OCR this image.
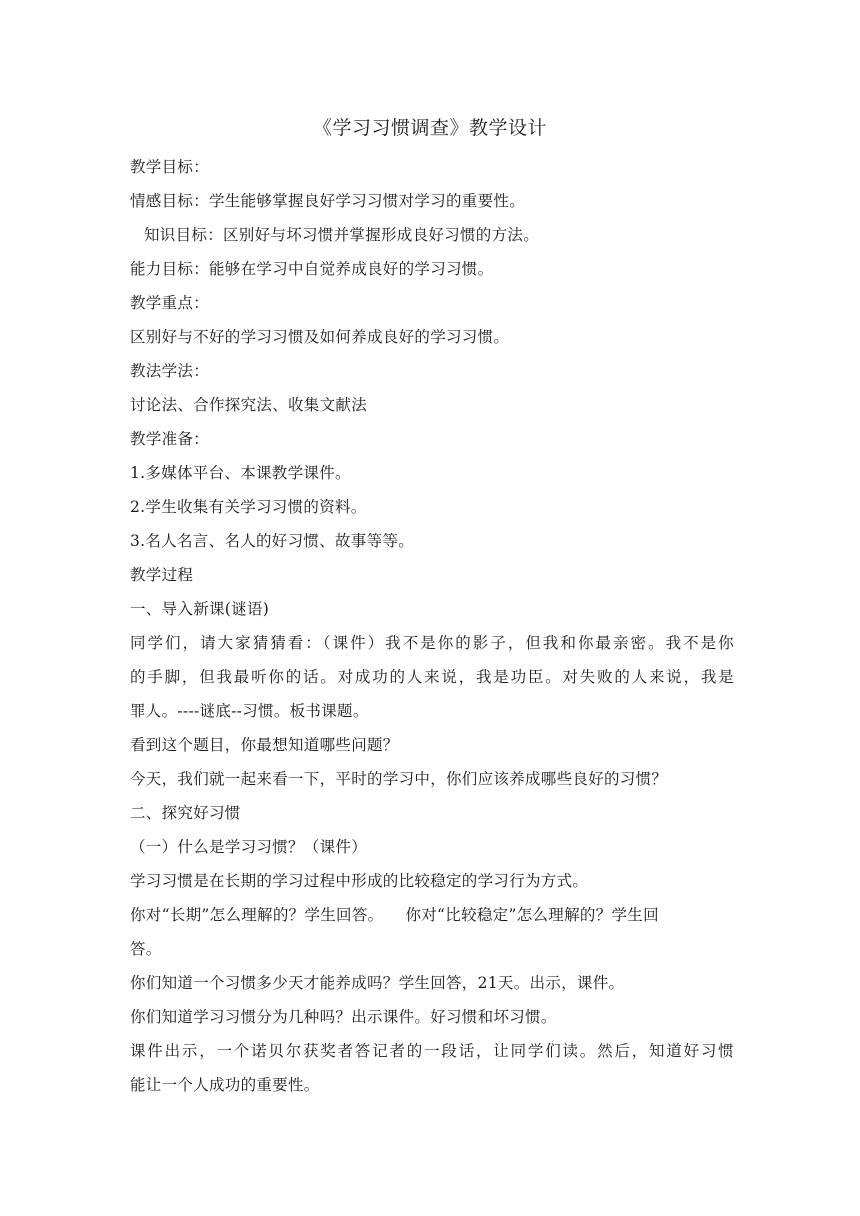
《学习习惯调查》教学设计
教学目标：
情感目标：学生能够掌握良好学习习惯对学习的重要性。
知识目标：区别好与坏习惯并掌握形成良好习惯的方法。
能力目标：能够在学习中自觉养成良好的学习习惯。
教学重点：
区别好与不好的学习习惯及如何养成良好的学习习惯。
教法学法：
讨论法、合作探究法、收集文献法
教学准备：
1.多媒体平台、本课教学课件。
2.学生收集有关学习习惯的资料。
3.名人名言、名人的好习惯、故事等等。
教学过程
一、导入新课(谜语)
同学们，请大家猜猜看：（课件）我不是你的影子，但我和你最亲密。我不是你
的手脚，但我最听你的话。对成功的人来说，我是功臣。对失败的人来说，我是
罪人。----谜底--习惯。板书课题。
看到这个题目，你最想知道哪些问题？
今天，我们就一起来看一下，平时的学习中，你们应该养成哪些良好的习惯？
二、探究好习惯
（一）什么是学习习惯？（课件）
学习习惯是在长期的学习过程中形成的比较稳定的学习行为方式。
你对“长期”怎么理解的？学生回答。 你对“比较稳定”怎么理解的？学生回
答。
你们知道一个习惯多少天才能养成吗？学生回答，21天。出示，课件。
你们知道学习习惯分为几种吗？出示课件。好习惯和坏习惯。
课件出示，一个诺贝尔获奖者答记者的一段话，让同学们读。然后，知道好习惯
能让一个人成功的重要性。
